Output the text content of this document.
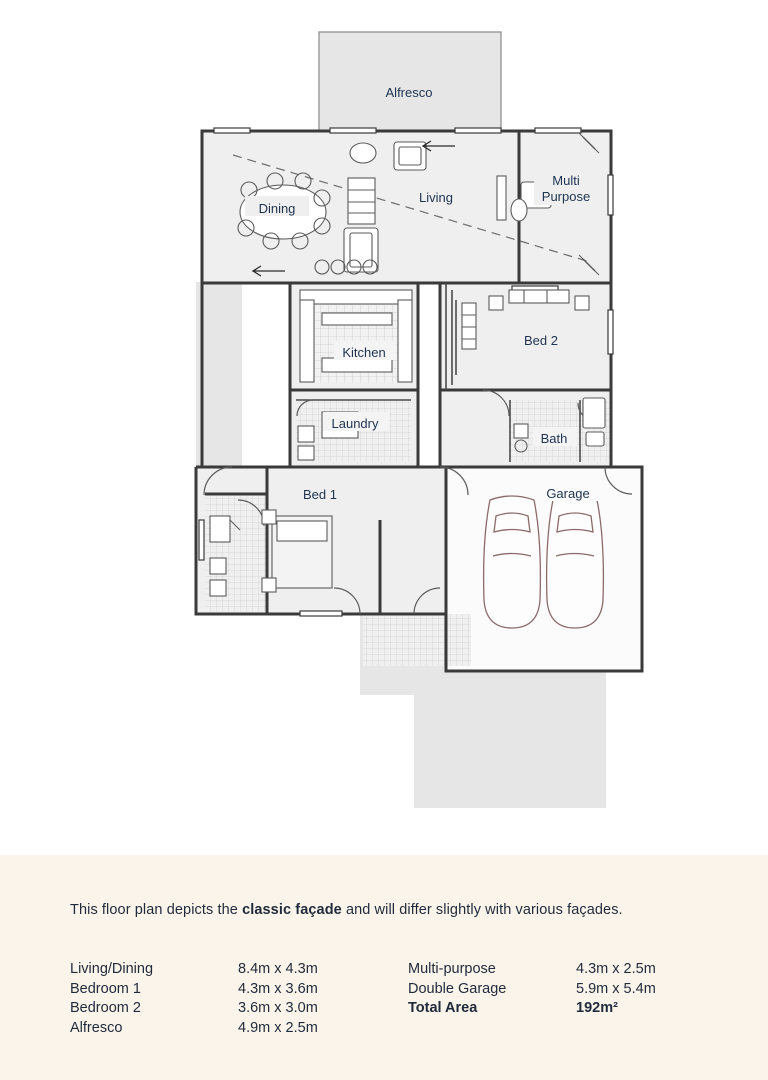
Alfresco
Dining
Living
Multi
Purpose
Bed 2
Kitchen
Laundry
Bath
Bed 1	Garage
This floor plan depicts the classic façade and will differ slightly with various façades.
Living/Dining	8.4m x 4.3m
Bedroom 1	4.3m x 3.6m
Bedroom 2	3.6m x 3.0m
Alfresco	4.9m x 2.5m
Multi-purpose	4.3m x 2.5m
Double Garage	5.9m x 5.4m
Total Area	192m²
